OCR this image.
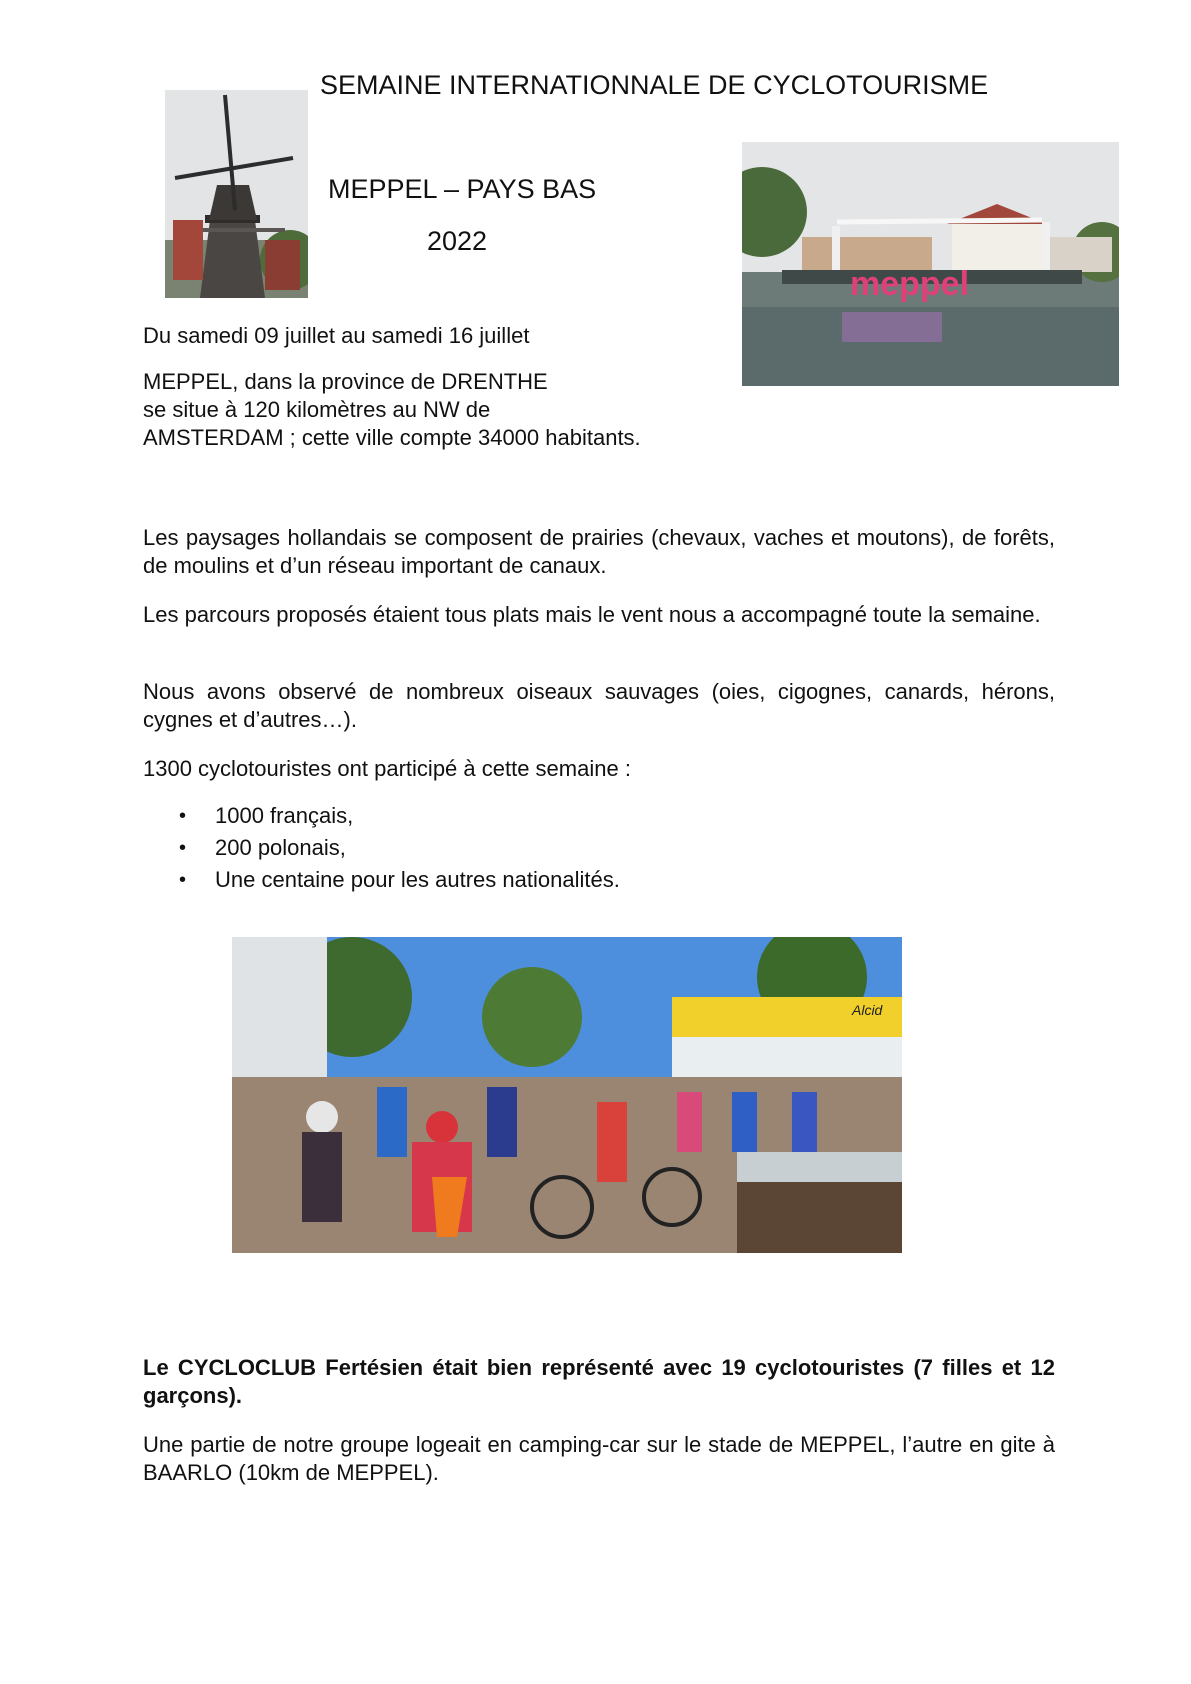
SEMAINE INTERNATIONNALE DE CYCLOTOURISME
MEPPEL – PAYS BAS
2022
meppel
Du samedi 09 juillet au samedi 16 juillet
MEPPEL, dans la province de DRENTHE
se situe à 120 kilomètres au NW de
AMSTERDAM ; cette ville compte 34000 habitants.
Les paysages hollandais se composent de prairies (chevaux, vaches et moutons), de forêts, de moulins et d’un réseau important de canaux.
Les parcours proposés étaient tous plats mais le vent nous a accompagné toute la semaine.
Nous avons observé de nombreux oiseaux sauvages (oies, cigognes, canards, hérons, cygnes et d’autres…).
1300 cyclotouristes ont participé à cette semaine :
• 1000 français,
• 200 polonais,
• Une centaine pour les autres nationalités.
Alcid
Le CYCLOCLUB Fertésien était bien représenté avec 19 cyclotouristes (7 filles et 12 garçons).
Une partie de notre groupe logeait en camping-car sur le stade de MEPPEL, l’autre en gite à BAARLO (10km de MEPPEL).
